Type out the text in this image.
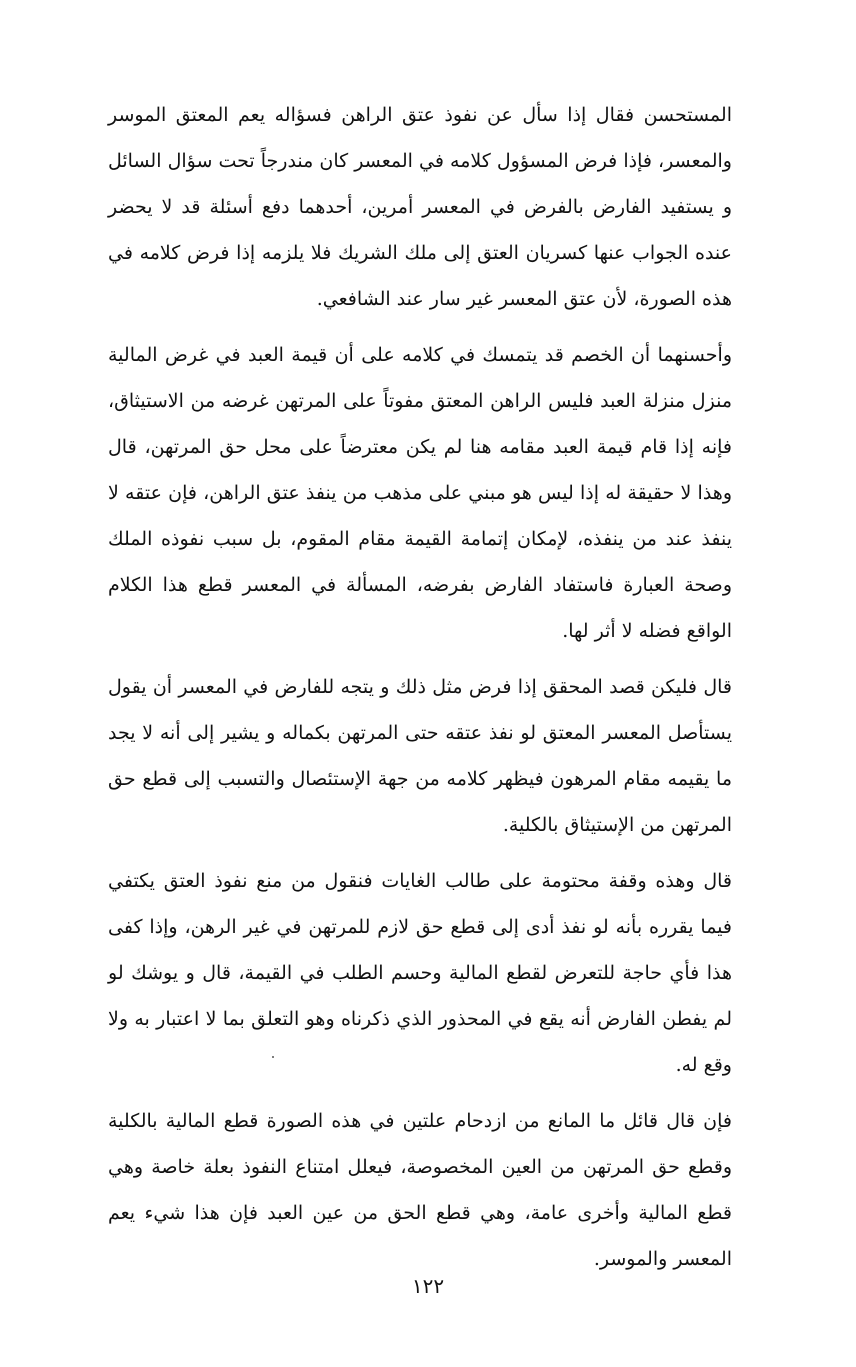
المستحسن فقال إذا سأل عن نفوذ عتق الراهن فسؤاله يعم المعتق الموسر والمعسر، فإذا فرض المسؤول كلامه في المعسر كان مندرجاً تحت سؤال السائل و يستفيد الفارض بالفرض في المعسر أمرين، أحدهما دفع أسئلة قد لا يحضر عنده الجواب عنها كسريان العتق إلى ملك الشريك فلا يلزمه إذا فرض كلامه في هذه الصورة، لأن عتق المعسر غير سار عند الشافعي.

وأحسنهما أن الخصم قد يتمسك في كلامه على أن قيمة العبد في غرض المالية منزل منزلة العبد فليس الراهن المعتق مفوتاً على المرتهن غرضه من الاستيثاق، فإنه إذا قام قيمة العبد مقامه هنا لم يكن معترضاً على محل حق المرتهن، قال وهذا لا حقيقة له إذا ليس هو مبني على مذهب من ينفذ عتق الراهن، فإن عتقه لا ينفذ عند من ينفذه، لإمكان إتمامة القيمة مقام المقوم، بل سبب نفوذه الملك وصحة العبارة فاستفاد الفارض بفرضه، المسألة في المعسر قطع هذا الكلام الواقع فضله لا أثر لها.

قال فليكن قصد المحقق إذا فرض مثل ذلك و يتجه للفارض في المعسر أن يقول يستأصل المعسر المعتق لو نفذ عتقه حتى المرتهن بكماله و يشير إلى أنه لا يجد ما يقيمه مقام المرهون فيظهر كلامه من جهة الإستئصال والتسبب إلى قطع حق المرتهن من الإستيثاق بالكلية.

قال وهذه وقفة محتومة على طالب الغايات فنقول من منع نفوذ العتق يكتفي فيما يقرره بأنه لو نفذ أدى إلى قطع حق لازم للمرتهن في غير الرهن، وإذا كفى هذا فأي حاجة للتعرض لقطع المالية وحسم الطلب في القيمة، قال و يوشك لو لم يفطن الفارض أنه يقع في المحذور الذي ذكرناه وهو التعلق بما لا اعتبار به ولا وقع له.

فإن قال قائل ما المانع من ازدحام علتين في هذه الصورة قطع المالية بالكلية وقطع حق المرتهن من العين المخصوصة، فيعلل امتناع النفوذ بعلة خاصة وهي قطع المالية وأخرى عامة، وهي قطع الحق من عين العبد فإن هذا شيء يعم المعسر والموسر.

١٢٢
